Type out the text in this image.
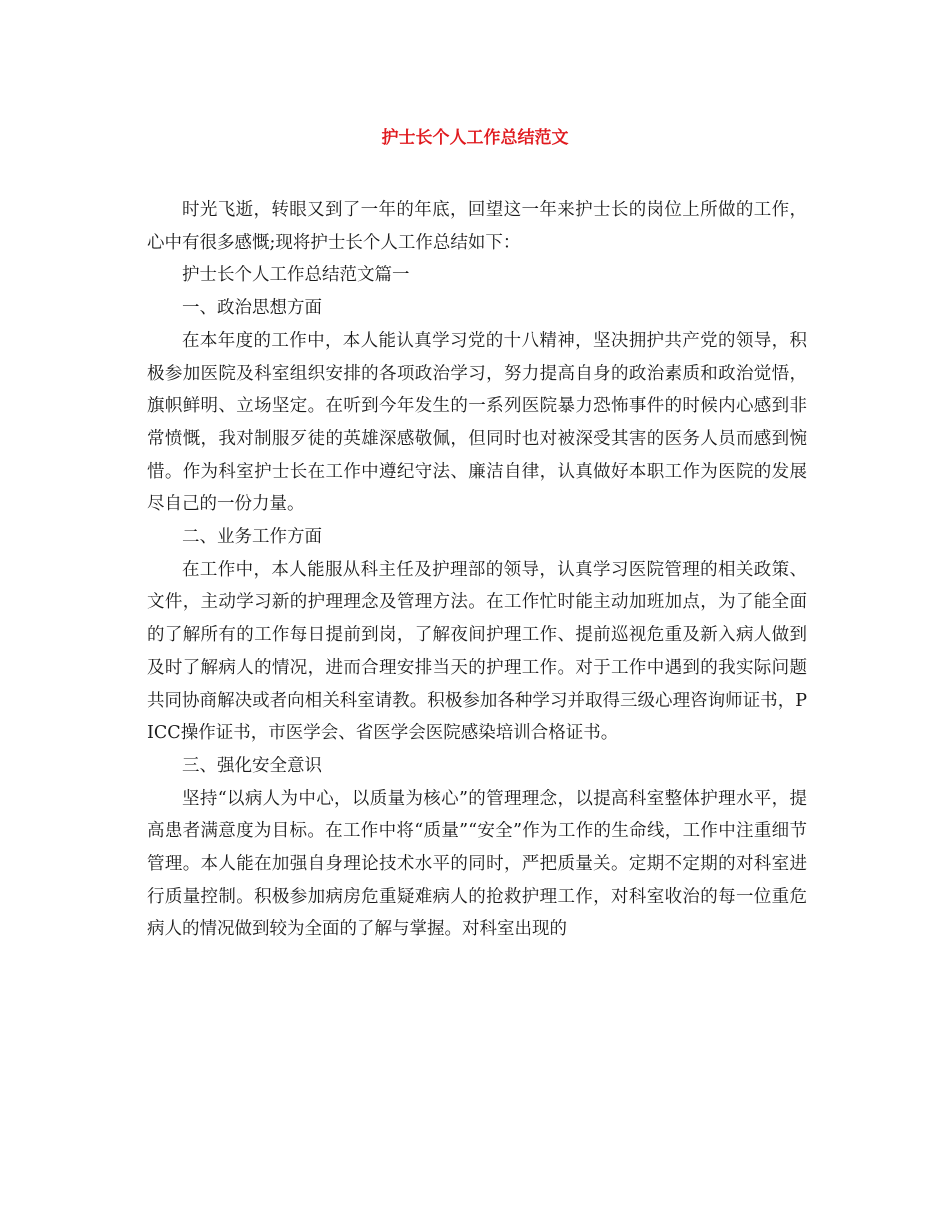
护士长个人工作总结范文

时光飞逝，转眼又到了一年的年底，回望这一年来护士长的岗位上所做的工作，心中有很多感慨;现将护士长个人工作总结如下：

护士长个人工作总结范文篇一

一、政治思想方面

在本年度的工作中，本人能认真学习党的十八精神，坚决拥护共产党的领导，积极参加医院及科室组织安排的各项政治学习，努力提高自身的政治素质和政治觉悟，旗帜鲜明、立场坚定。在听到今年发生的一系列医院暴力恐怖事件的时候内心感到非常愤慨，我对制服歹徒的英雄深感敬佩，但同时也对被深受其害的医务人员而感到惋惜。作为科室护士长在工作中遵纪守法、廉洁自律，认真做好本职工作为医院的发展尽自己的一份力量。

二、业务工作方面

在工作中，本人能服从科主任及护理部的领导，认真学习医院管理的相关政策、文件，主动学习新的护理理念及管理方法。在工作忙时能主动加班加点，为了能全面的了解所有的工作每日提前到岗，了解夜间护理工作、提前巡视危重及新入病人做到及时了解病人的情况，进而合理安排当天的护理工作。对于工作中遇到的我实际问题共同协商解决或者向相关科室请教。积极参加各种学习并取得三级心理咨询师证书，PICC操作证书，市医学会、省医学会医院感染培训合格证书。

三、强化安全意识

坚持“以病人为中心，以质量为核心”的管理理念，以提高科室整体护理水平，提高患者满意度为目标。在工作中将“质量”“安全”作为工作的生命线，工作中注重细节管理。本人能在加强自身理论技术水平的同时，严把质量关。定期不定期的对科室进行质量控制。积极参加病房危重疑难病人的抢救护理工作，对科室收治的每一位重危病人的情况做到较为全面的了解与掌握。对科室出现的
